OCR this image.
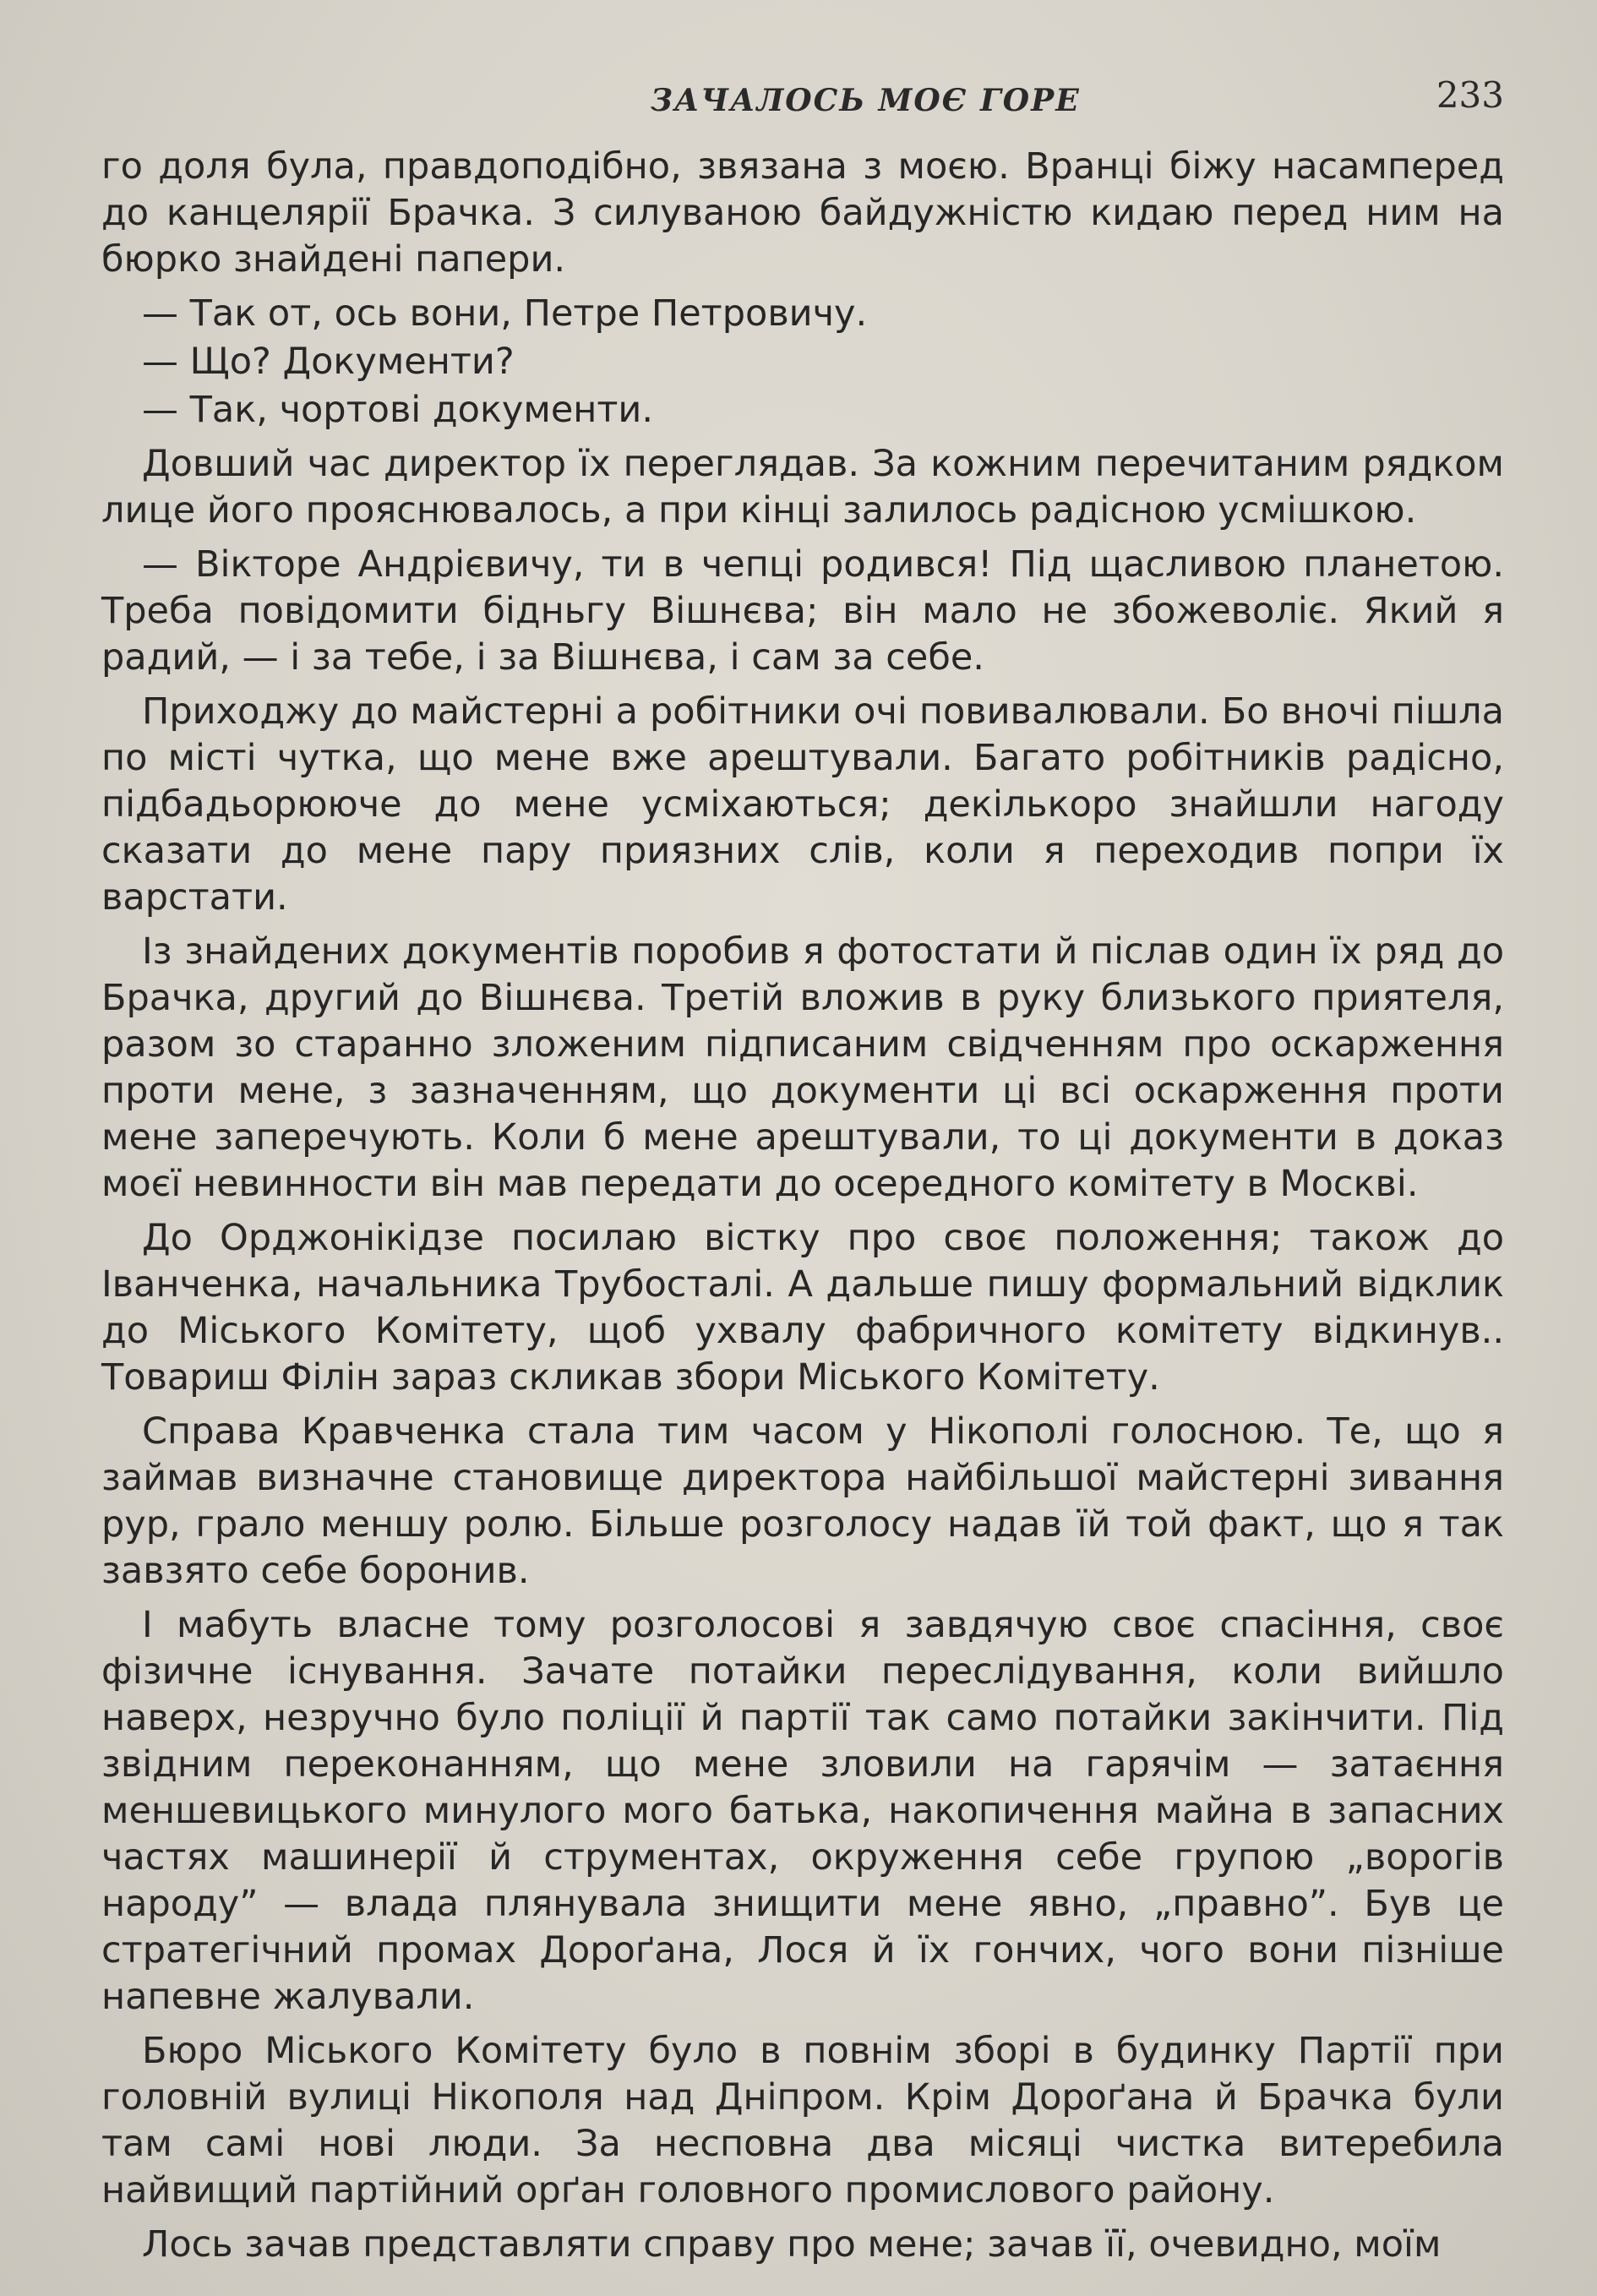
ЗАЧАЛОСЬ МОЄ ГОРЕ	233

го доля була, правдоподібно, звязана з моєю. Вранці біжу насамперед до канцелярії Брачка. З силуваною байдужністю кидаю перед ним на бюрко знайдені папери.

— Так от, ось вони, Петре Петровичу.

— Що? Документи?

— Так, чортові документи.

Довший час директор їх переглядав. За кожним перечитаним рядком лице його прояснювалось, а при кінці залилось радісною усмішкою.

— Вікторе Андрієвичу, ти в чепці родився! Під щасливою планетою. Треба повідомити бідньгу Вішнєва; він мало не збожеволіє. Який я радий, — і за тебе, і за Вішнєва, і сам за себе.

Приходжу до майстерні а робітники очі повивалювали. Бо вночі пішла по місті чутка, що мене вже арештували. Багато робітників радісно, підбадьорююче до мене усміхаються; декількоро знайшли нагоду сказати до мене пару приязних слів, коли я переходив попри їх варстати.

Із знайдених документів поробив я фотостати й післав один їх ряд до Брачка, другий до Вішнєва. Третій вложив в руку близького приятеля, разом зо старанно зложеним підписаним свідченням про оскарження проти мене, з зазначенням, що документи ці всі оскарження проти мене заперечують. Коли б мене арештували, то ці документи в доказ моєї невинности він мав передати до осередного комітету в Москві.

До Орджонікідзе посилаю вістку про своє положення; також до Іванченка, начальника Трубосталі. А дальше пишу формальний відклик до Міського Комітету, щоб ухвалу фабричного комітету відкинув.. Товариш Філін зараз скликав збори Міського Комітету.

Справа Кравченка стала тим часом у Нікополі голосною. Те, що я займав визначне становище директора найбільшої майстерні зивання рур, грало меншу ролю. Більше розголосу надав їй той факт, що я так завзято себе боронив.

І мабуть власне тому розголосові я завдячую своє спасіння, своє фізичне існування. Зачате потайки переслідування, коли вийшло наверх, незручно було поліції й партії так само потайки закінчити. Під звідним переконанням, що мене зловили на гарячім — затаєння меншевицького минулого мого батька, накопичення майна в запасних частях машинерії й струментах, окруження себе групою „ворогів народу” — влада плянувала знищити мене явно, „правно”. Був це стратегічний промах Дороґана, Лося й їх гончих, чого вони пізніше напевне жалували.

Бюро Міського Комітету було в повнім зборі в будинку Партії при головній вулиці Нікополя над Дніпром. Крім Дороґана й Брачка були там самі нові люди. За несповна два місяці чистка витеребила найвищий партійний орґан головного промислового району.

Лось зачав представляти справу про мене; зачав її, очевидно, моїм
